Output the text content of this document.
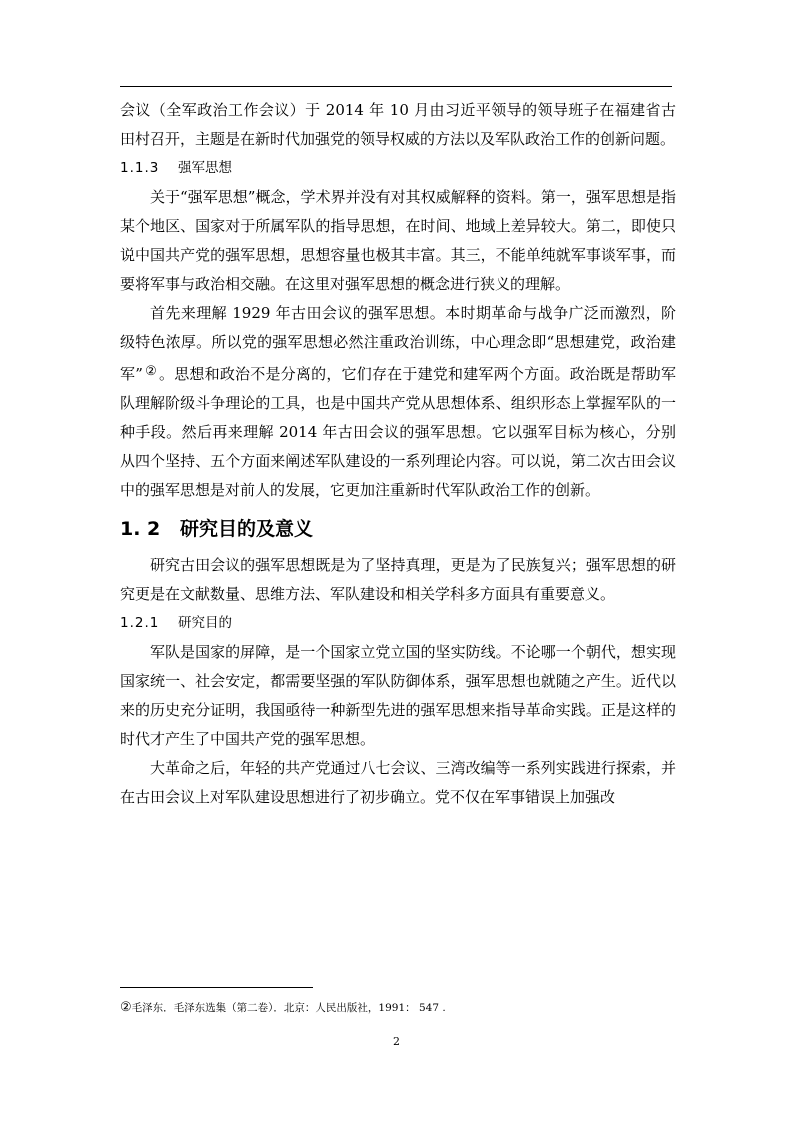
会议（全军政治工作会议）于 2014 年 10 月由习近平领导的领导班子在福建省古田村召开，主题是在新时代加强党的领导权威的方法以及军队政治工作的创新问题。

1.1.3 强军思想

关于“强军思想”概念，学术界并没有对其权威解释的资料。第一，强军思想是指某个地区、国家对于所属军队的指导思想，在时间、地域上差异较大。第二，即使只说中国共产党的强军思想，思想容量也极其丰富。其三，不能单纯就军事谈军事，而要将军事与政治相交融。在这里对强军思想的概念进行狭义的理解。

首先来理解 1929 年古田会议的强军思想。本时期革命与战争广泛而激烈，阶级特色浓厚。所以党的强军思想必然注重政治训练，中心理念即“思想建党，政治建军” ② 。思想和政治不是分离的，它们存在于建党和建军两个方面。政治既是帮助军队理解阶级斗争理论的工具，也是中国共产党从思想体系、组织形态上掌握军队的一种手段。然后再来理解 2014 年古田会议的强军思想。它以强军目标为核心，分别从四个坚持、五个方面来阐述军队建设的一系列理论内容。可以说，第二次古田会议中的强军思想是对前人的发展，它更加注重新时代军队政治工作的创新。

1. 2 研究目的及意义

研究古田会议的强军思想既是为了坚持真理，更是为了民族复兴；强军思想的研究更是在文献数量、思维方法、军队建设和相关学科多方面具有重要意义。

1.2.1 研究目的

军队是国家的屏障，是一个国家立党立国的坚实防线。不论哪一个朝代，想实现国家统一、社会安定，都需要坚强的军队防御体系，强军思想也就随之产生。近代以来的历史充分证明，我国亟待一种新型先进的强军思想来指导革命实践。正是这样的时代才产生了中国共产党的强军思想。

大革命之后，年轻的共产党通过八七会议、三湾改编等一系列实践进行探索，并在古田会议上对军队建设思想进行了初步确立。党不仅在军事错误上加强改

②毛泽东．毛泽东选集（第二卷）．北京：人民出版社，1991： 547 .
2
